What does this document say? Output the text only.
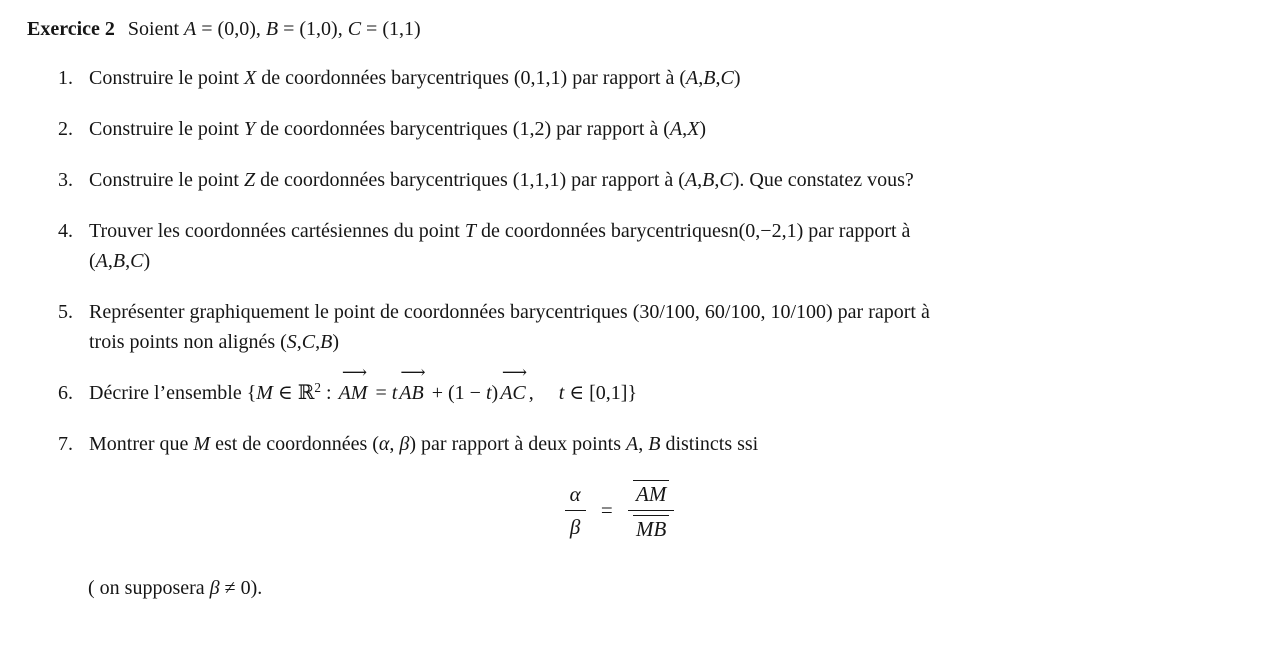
Exercice 2 Soient A = (0,0), B = (1,0), C = (1,1)
1. Construire le point X de coordonnées barycentriques (0,1,1) par rapport à (A,B,C)
2. Construire le point Y de coordonnées barycentriques (1,2) par rapport à (A,X)
3. Construire le point Z de coordonnées barycentriques (1,1,1) par rapport à (A,B,C). Que constatez vous?
4. Trouver les coordonnées cartésiennes du point T de coordonnées barycentriquesn(0,−2,1) par rapport à
(A,B,C)
5. Représenter graphiquement le point de coordonnées barycentriques (30/100, 60/100, 10/100) par raport à
trois points non alignés (S,C,B)
6. Décrire l’ensemble {M ∈ ℝ$^2$ :
⟶
AM = t
⟶
AB + (1 − t)
⟶
AC ,  t ∈ [0,1]}
7. Montrer que M est de coordonnées (α, β) par rapport à deux points A, B distincts ssi
$\frac{\alpha}{\beta} = \frac{AM}{MB}$
( on supposera β ≠ 0).
